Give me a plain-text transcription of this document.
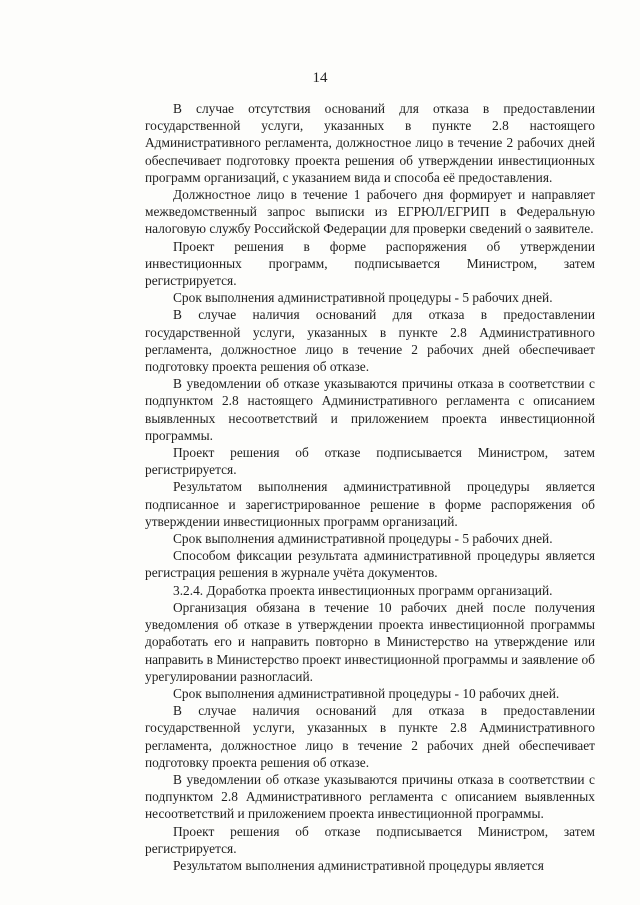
14

В случае отсутствия оснований для отказа в предоставлении государственной услуги, указанных в пункте 2.8 настоящего Административного регламента, должностное лицо в течение 2 рабочих дней обеспечивает подготовку проекта решения об утверждении инвестиционных программ организаций, с указанием вида и способа её предоставления.

Должностное лицо в течение 1 рабочего дня формирует и направляет межведомственный запрос выписки из ЕГРЮЛ/ЕГРИП в Федеральную налоговую службу Российской Федерации для проверки сведений о заявителе.

Проект решения в форме распоряжения об утверждении инвестиционных программ, подписывается Министром, затем регистрируется.

Срок выполнения административной процедуры - 5 рабочих дней.

В случае наличия оснований для отказа в предоставлении государственной услуги, указанных в пункте 2.8 Административного регламента, должностное лицо в течение 2 рабочих дней обеспечивает подготовку проекта решения об отказе.

В уведомлении об отказе указываются причины отказа в соответствии с подпунктом 2.8 настоящего Административного регламента с описанием выявленных несоответствий и приложением проекта инвестиционной программы.

Проект решения об отказе подписывается Министром, затем регистрируется.

Результатом выполнения административной процедуры является подписанное и зарегистрированное решение в форме распоряжения об утверждении инвестиционных программ организаций.

Срок выполнения административной процедуры - 5 рабочих дней.

Способом фиксации результата административной процедуры является регистрация решения в журнале учёта документов.

3.2.4. Доработка проекта инвестиционных программ организаций.

Организация обязана в течение 10 рабочих дней после получения уведомления об отказе в утверждении проекта инвестиционной программы доработать его и направить повторно в Министерство на утверждение или направить в Министерство проект инвестиционной программы и заявление об урегулировании разногласий.

Срок выполнения административной процедуры - 10 рабочих дней.

В случае наличия оснований для отказа в предоставлении государственной услуги, указанных в пункте 2.8 Административного регламента, должностное лицо в течение 2 рабочих дней обеспечивает подготовку проекта решения об отказе.

В уведомлении об отказе указываются причины отказа в соответствии с подпунктом 2.8 Административного регламента с описанием выявленных несоответствий и приложением проекта инвестиционной программы.

Проект решения об отказе подписывается Министром, затем регистрируется.

Результатом выполнения административной процедуры является
